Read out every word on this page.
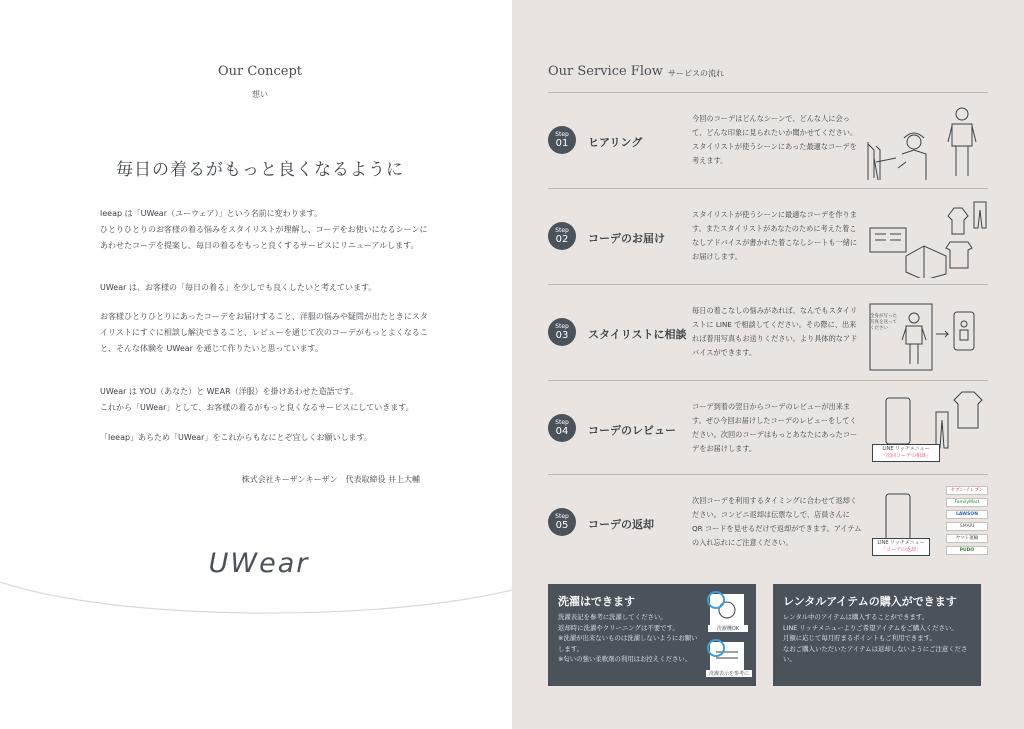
Our Concept
想い
毎日の着るがもっと良くなるように

leeap は「UWear（ユーウェア）」という名前に変わります。
ひとりひとりのお客様の着る悩みをスタイリストが理解し、コーデをお使いになるシーンにあわせたコーデを提案し、毎日の着るをもっと良くするサービスにリニューアルします。

UWear は、お客様の「毎日の着る」を少しでも良くしたいと考えています。

お客様ひとりひとりにあったコーデをお届けすること、洋服の悩みや疑問が出たときにスタイリストにすぐに相談し解決できること、レビューを通じて次のコーデがもっとよくなること、そんな体験を UWear を通じて作りたいと思っています。

UWear は YOU（あなた）と WEAR（洋服）を掛けあわせた造語です。
これから「UWear」として、お客様の着るがもっと良くなるサービスにしていきます。

「leeap」あらため「UWear」をこれからもなにとぞ宜しくお願いします。

株式会社キーザンキーザン　代表取締役 井上大輔
UWear
Our Service Flow サービスの流れ
Step
01	ヒアリング

今回のコーデはどんなシーンで、どんな人に会って、どんな印象に見られたいか聞かせてください。スタイリストが使うシーンにあった最適なコーデを考えます。

Step
02	コーデのお届け

スタイリストが使うシーンに最適なコーデを作ります。またスタイリストがあなたのために考えた着こなしアドバイスが書かれた着こなしシートも一緒にお届けします。

Step
03	スタイリストに相談

毎日の着こなしの悩みがあれば、なんでもスタイリストに LINE で相談してください。その際に、出来れば着用写真もお送りください。より具体的なアドバイスができます。

全身が写った写真を送ってください
Step
04	コーデのレビュー

コーデ到着の翌日からコーデのレビューが出来ます。ぜひ今回お届けしたコーデのレビューをしてください。次回のコーデはもっとあなたにあったコーデをお届けします。	LINE リッチメニュー
「次回コーデの相談」
Step
05	コーデの返却

次回コーデを利用するタイミングに合わせて返却ください。コンビニ返却は伝票なしで、店員さんに QR コードを見せるだけで返却ができます。アイテムの入れ忘れにご注意ください。	LINE リッチメニュー
「コーデの返却」
セブン-イレブン
FamilyMart
LAWSON
SMARI
ヤマト運輸
PUDO
洗濯はできます

洗濯表記を参考に洗濯してください。
返却時に洗濯やクリーニングは不要です。
※洗濯が出来ないものは洗濯しないようにお願いします。
※匂いの強い柔軟剤の利用はお控えください。

洗濯機OK
洗濯表示を参考に
レンタルアイテムの購入ができます

レンタル中のアイテムは購入することができます。
LINE リッチメニューよりご希望アイテムをご購入ください。
月額に応じて毎月貯まるポイントもご利用できます。
なおご購入いただいたアイテムは返却しないようにご注意ください。
